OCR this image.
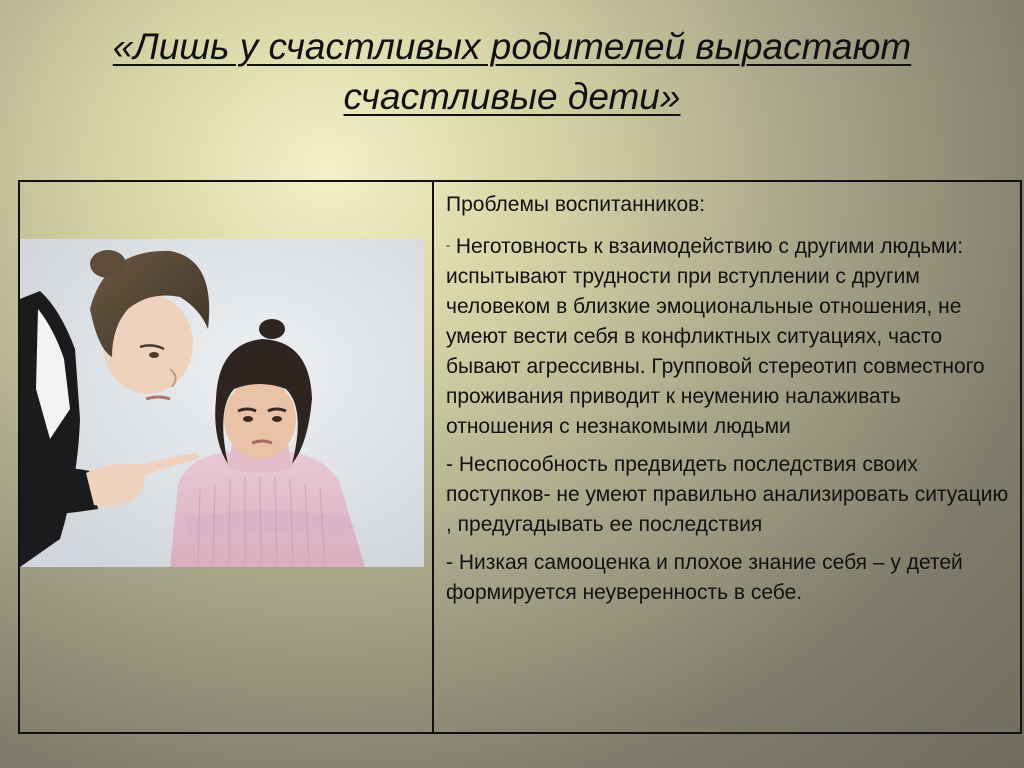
«Лишь у счастливых родителей вырастают
счастливые дети»

Проблемы воспитанников:

- Неготовность к взаимодействию с другими людьми: испытывают трудности при вступлении с другим человеком в близкие эмоциональные отношения, не умеют вести себя в конфликтных ситуациях, часто бывают агрессивны. Групповой стереотип совместного проживания приводит к неумению налаживать отношения с незнакомыми людьми

- Неспособность предвидеть последствия своих поступков- не умеют правильно анализировать ситуацию , предугадывать ее последствия

- Низкая самооценка и плохое знание себя – у детей формируется неуверенность в себе.
